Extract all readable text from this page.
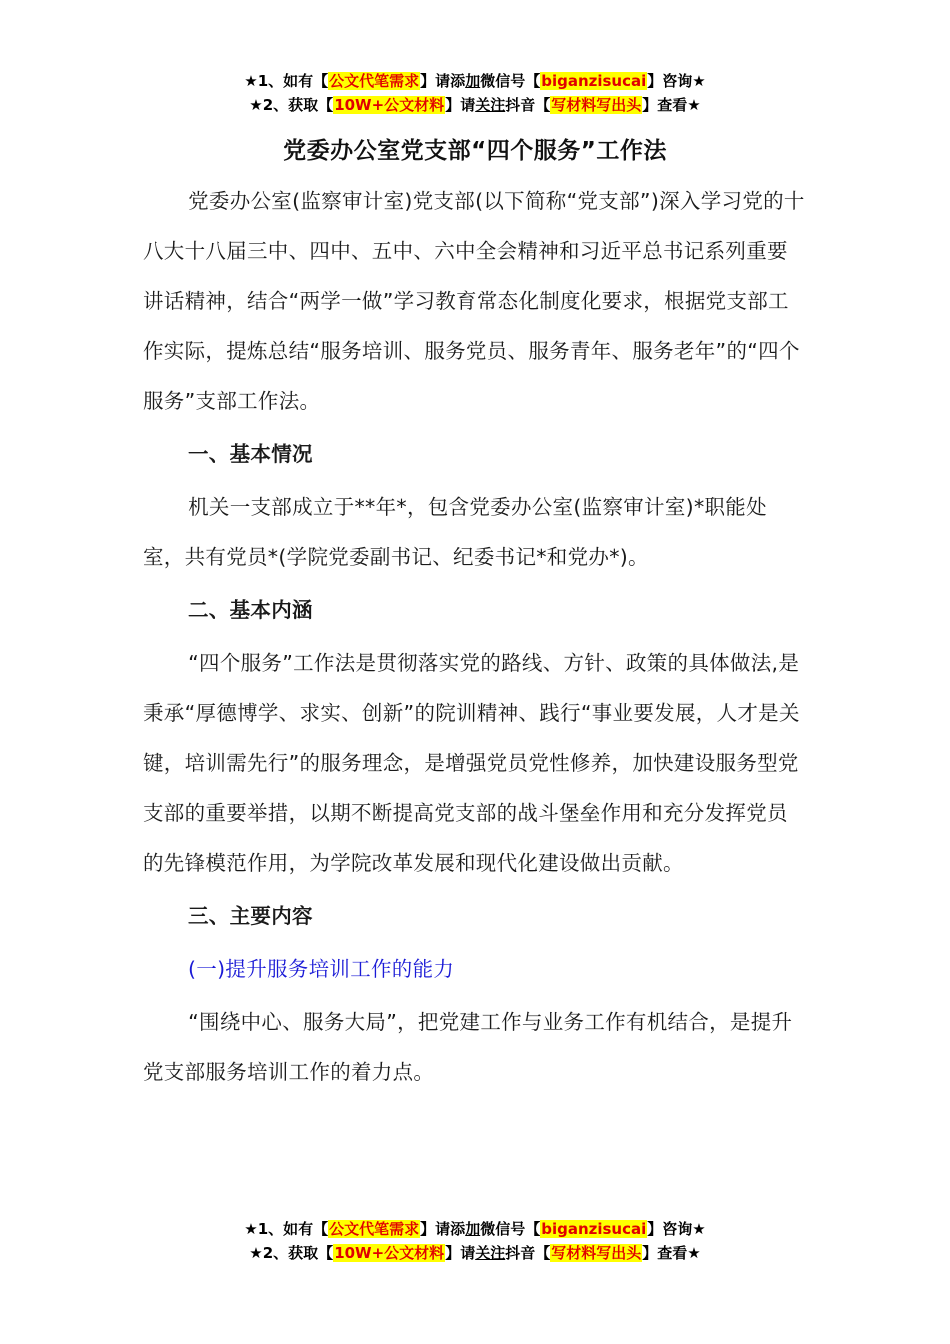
★1、如有【公文代笔需求】请添加微信号【biganzisucai】咨询★
★2、获取【10W+公文材料】请关注抖音【写材料写出头】查看★
党委办公室党支部“四个服务”工作法

党委办公室(监察审计室)党支部(以下简称“党支部”)深入学习党的十八大十八届三中、四中、五中、六中全会精神和习近平总书记系列重要讲话精神，结合“两学一做”学习教育常态化制度化要求，根据党支部工作实际，提炼总结“服务培训、服务党员、服务青年、服务老年”的“四个服务”支部工作法。

一、基本情况

机关一支部成立于**年*，包含党委办公室(监察审计室)*职能处室，共有党员*(学院党委副书记、纪委书记*和党办*)。

二、基本内涵

“四个服务”工作法是贯彻落实党的路线、方针、政策的具体做法,是秉承“厚德博学、求实、创新”的院训精神、践行“事业要发展，人才是关键，培训需先行”的服务理念，是增强党员党性修养，加快建设服务型党支部的重要举措，以期不断提高党支部的战斗堡垒作用和充分发挥党员的先锋模范作用，为学院改革发展和现代化建设做出贡献。

三、主要内容

(一)提升服务培训工作的能力

“围绕中心、服务大局”，把党建工作与业务工作有机结合，是提升党支部服务培训工作的着力点。

★1、如有【公文代笔需求】请添加微信号【biganzisucai】咨询★
★2、获取【10W+公文材料】请关注抖音【写材料写出头】查看★
